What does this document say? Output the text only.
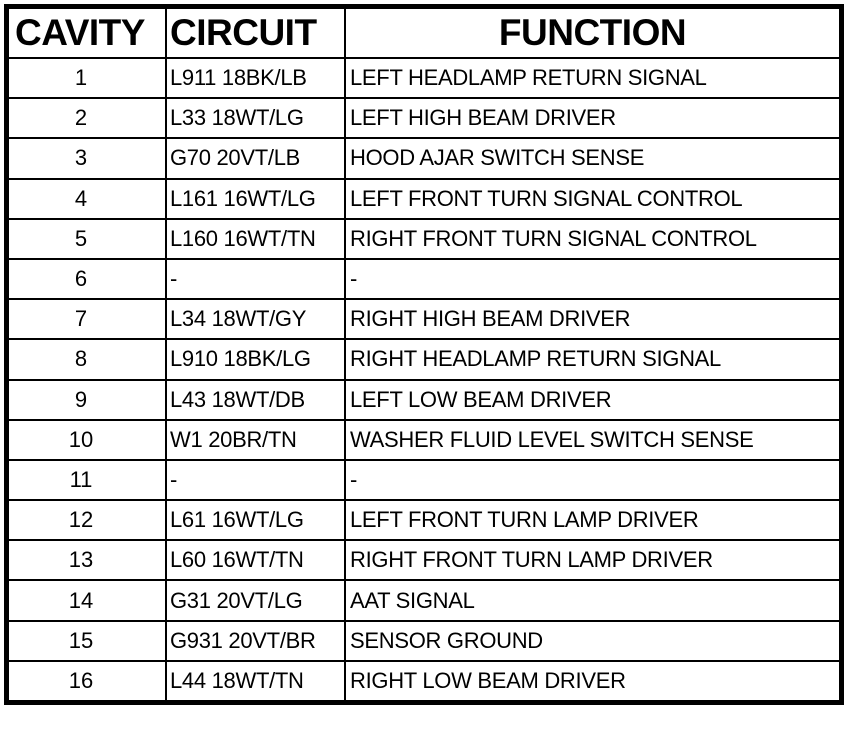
CAVITY	CIRCUIT	FUNCTION
1	L911 18BK/LB	LEFT HEADLAMP RETURN SIGNAL
2	L33 18WT/LG	LEFT HIGH BEAM DRIVER
3	G70 20VT/LB	HOOD AJAR SWITCH SENSE
4	L161 16WT/LG	LEFT FRONT TURN SIGNAL CONTROL
5	L160 16WT/TN	RIGHT FRONT TURN SIGNAL CONTROL
6	-	-
7	L34 18WT/GY	RIGHT HIGH BEAM DRIVER
8	L910 18BK/LG	RIGHT HEADLAMP RETURN SIGNAL
9	L43 18WT/DB	LEFT LOW BEAM DRIVER
10	W1 20BR/TN	WASHER FLUID LEVEL SWITCH SENSE
11	-	-
12	L61 16WT/LG	LEFT FRONT TURN LAMP DRIVER
13	L60 16WT/TN	RIGHT FRONT TURN LAMP DRIVER
14	G31 20VT/LG	AAT SIGNAL
15	G931 20VT/BR	SENSOR GROUND
16	L44 18WT/TN	RIGHT LOW BEAM DRIVER
